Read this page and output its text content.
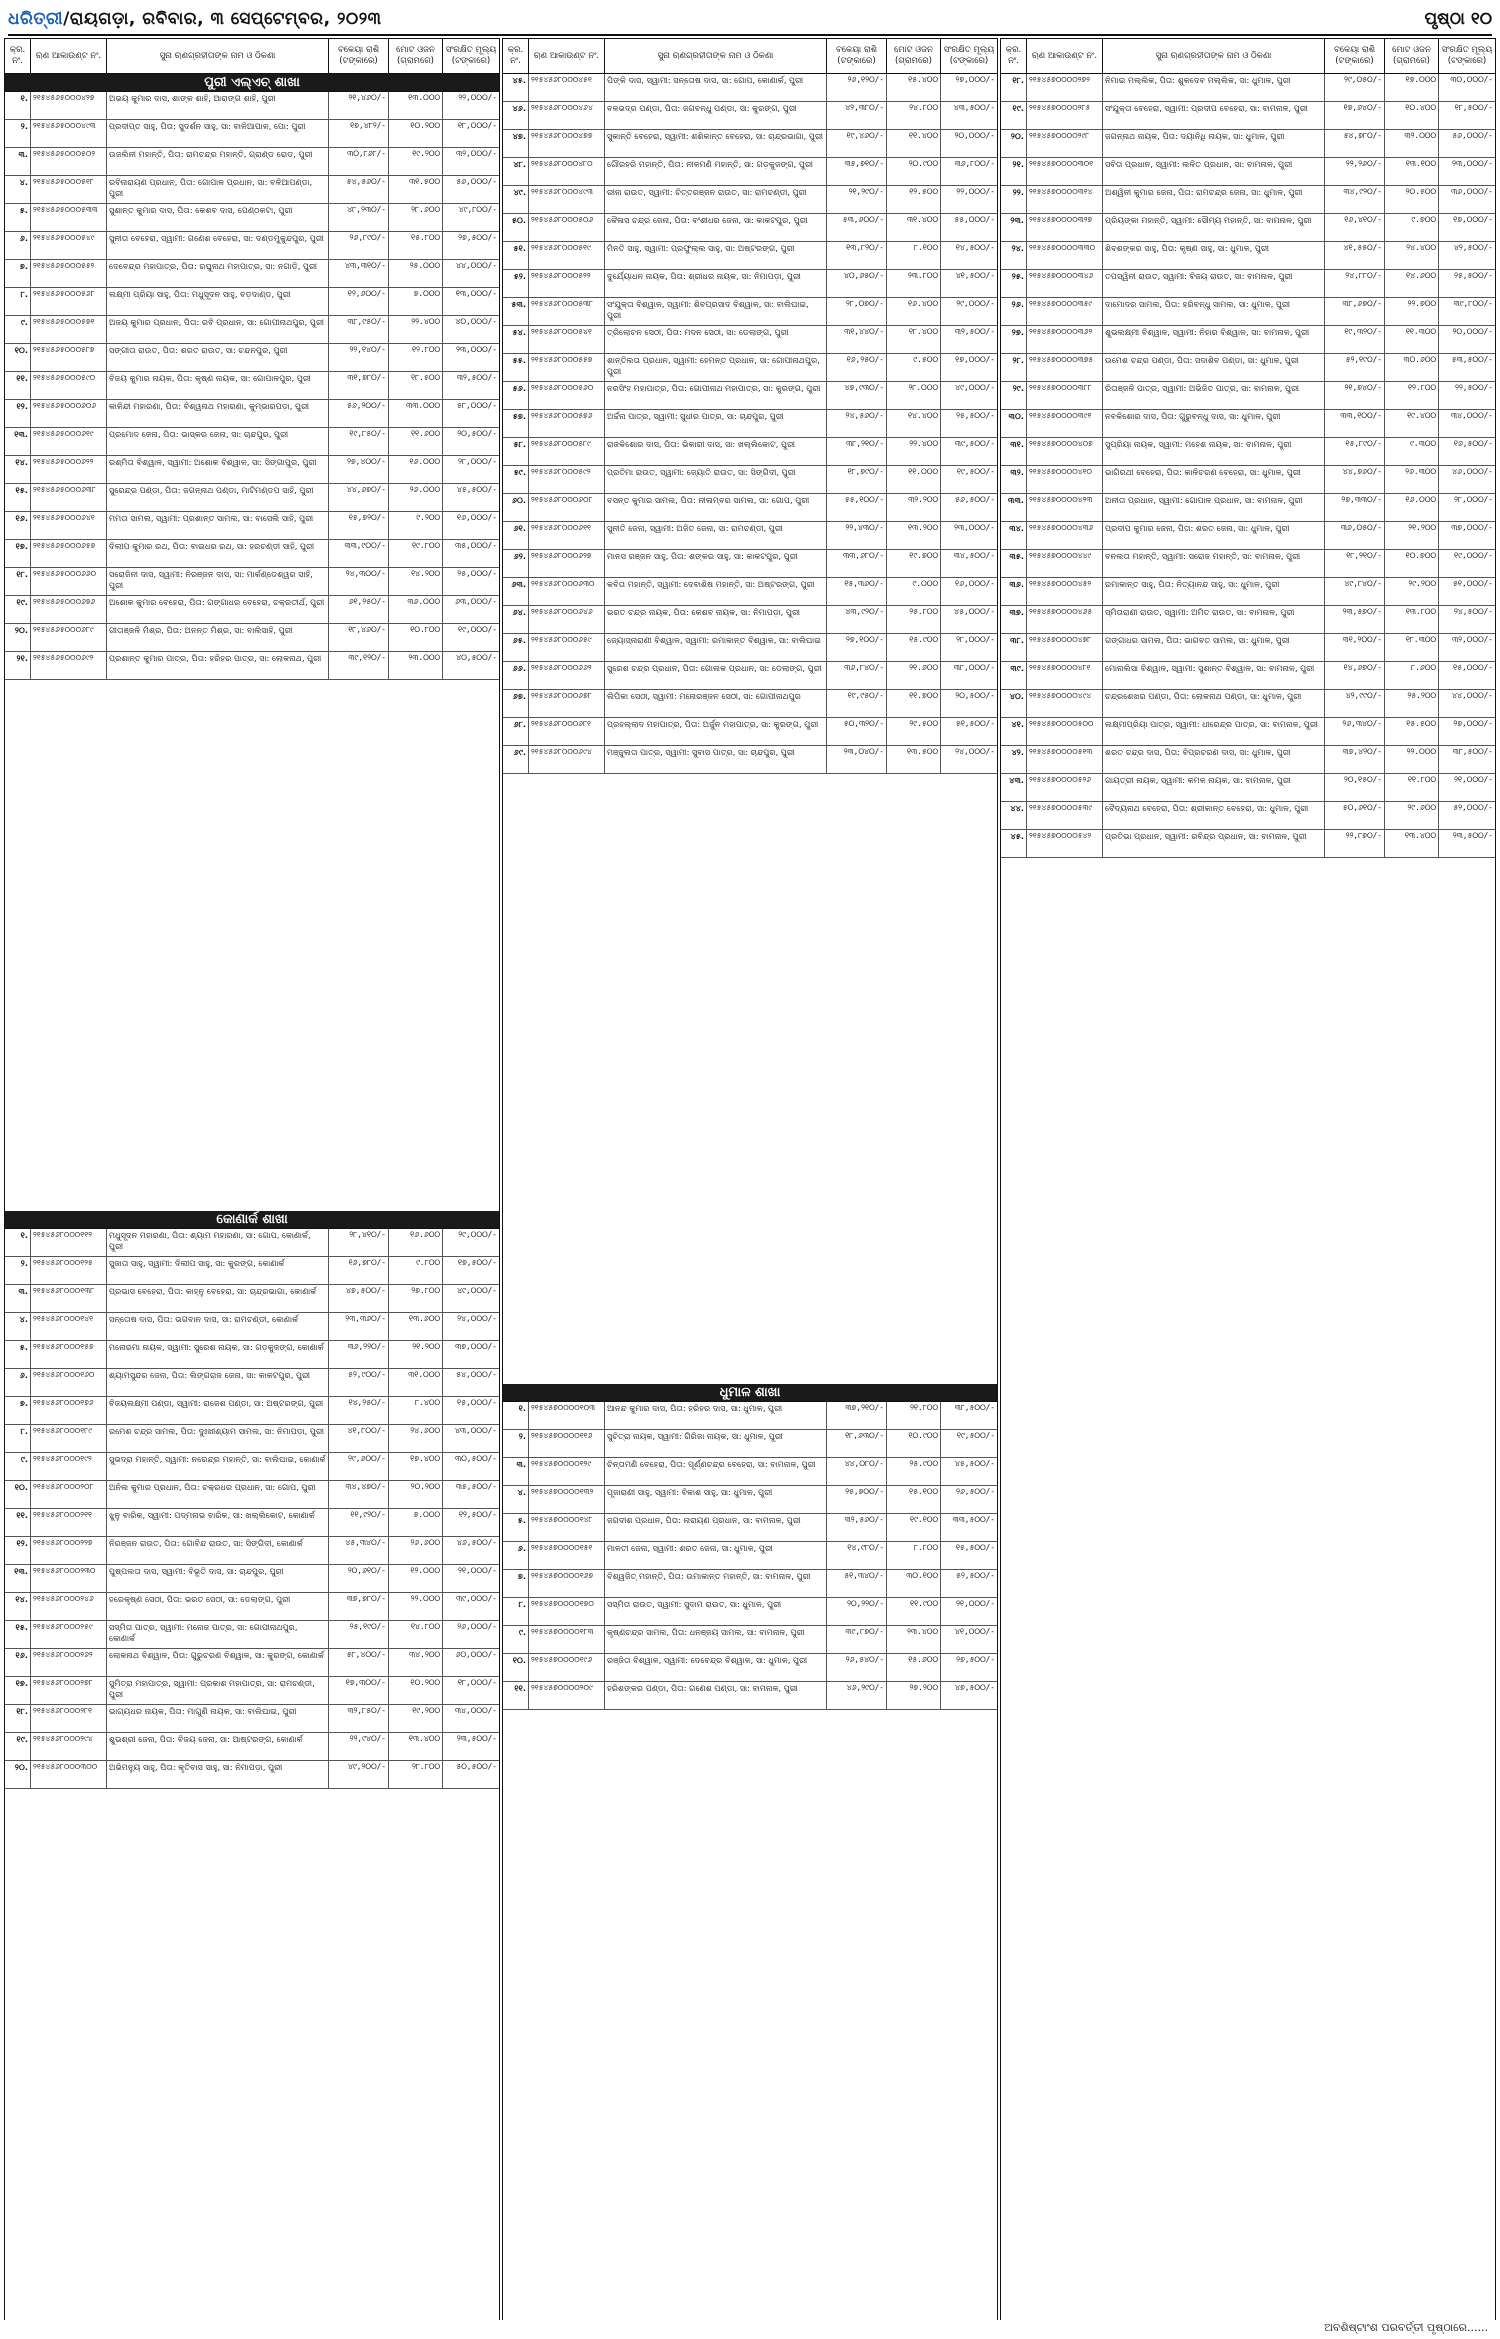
ଧରିତ୍ରୀ/ରାୟଗଡ଼ା, ରବିବାର, ୩ ସେପ୍ଟେମ୍ବର, ୨୦୨୩	ପୃଷ୍ଠା ୧୦
କ୍ର. ନଂ.
ଋଣ ଆକାଉଣ୍ଟ ନଂ.	ସୁନା ଋଣଗ୍ରହୀତାଙ୍କ ନାମ ଓ ଠିକଣା
ବକେୟା ରାଶି (ଟଙ୍କାରେ)
ମୋଟ ଓଜନ (ଗ୍ରାମରେ)
ସଂରକ୍ଷିତ ମୂଲ୍ୟ (ଟଙ୍କାରେ)
ପୁରୀ ଏଲ୍‌ଏଚ୍ ଶାଖା
୧. ୨୧୫୪୫୬୫୦୦୦୪୨୭	ଅଭୟ କୁମାର ଦାସ, ଶାଙ୍କ ଶାହି, ଆରାଙ୍ଗ ଶାହି, ପୁରୀ	୨୧,୪୬୦/-	୧୩.୦୦୦	୨୨,୦୦୦/-
୨. ୨୧୫୪୫୬୫୦୦୦୪୯୩	ପ୍ରଦୀପ୍ତ ସାହୁ, ପିତା: ସୁଦର୍ଶନ ସାହୁ, ସା: ବାଳିଆପାଳ, ପୋ: ପୁରୀ	୧୭,୪୮୨/-	୧୦.୨୦୦	୧୮,୦୦୦/-
୩. ୨୧୫୪୫୬୫୦୦୦୫୦୨	ଉଜଲିନୀ ମହାନ୍ତି, ପିତା: ରାମଚନ୍ଦ୍ର ମହାନ୍ତି, ଗ୍ରାଣ୍ଡ ରୋଡ, ପୁରୀ	୩୦,୮୬୮/-	୧୯.୨୦୦	୩୨,୦୦୦/-
୪. ୨୧୫୪୫୬୫୦୦୦୫୧୮	ରବିନାରାୟଣ ପ୍ରଧାନ, ପିତା: ଗୋପାଳ ପ୍ରଧାନ, ସା: ବଳିଆପଣ୍ଡା, ପୁରୀ
୫୪,୫୬୦/-	୩୧.୫୦୦	୫୬,୦୦୦/-
୫. ୨୧୫୪୫୬୫୦୦୦୫୩୩	ସୁଶାନ୍ତ କୁମାର ଦାସ, ପିତା: କେଶବ ଦାସ, ପେଣ୍ଠକଟା, ପୁରୀ	୪୮,୨୩୦/-	୨୮.୬୦୦	୪୯,୮୦୦/-
୬. ୨୧୫୪୫୬୫୦୦୦୫୪୯	ସୁନୀତା ବେହେରା, ସ୍ୱାମୀ: ଗଣେଶ ବେହେରା, ସା: ଦଣ୍ଡମୁକୁନ୍ଦପୁର, ପୁରୀ	୨୬,୮୯୦/-	୧୫.୮୦୦	୨୭,୫୦୦/-
୭. ୨୧୫୪୫୬୫୦୦୦୫୫୨	ଦେବେନ୍ଦ୍ର ମହାପାତ୍ର, ପିତା: ରଘୁନାଥ ମହାପାତ୍ର, ସା: ନଗାଡ଼ି, ପୁରୀ	୪୩,୩୧୦/-	୨୫.୦୦୦	୪୪,୦୦୦/-
୮. ୨୧୫୪୫୬୫୦୦୦୫୬୮	ଲକ୍ଷ୍ମୀ ପ୍ରିୟା ସାହୁ, ପିତା: ମଧୁସୂଦନ ସାହୁ, ବଡ଼ଦାଣ୍ଡ, ପୁରୀ	୧୨,୬୦୦/-	୭.୦୦୦	୧୩,୦୦୦/-
୯. ୨୧୫୪୫୬୫୦୦୦୫୭୧	ଅଜୟ କୁମାର ପ୍ରଧାନ, ପିତା: ରବି ପ୍ରଧାନ, ସା: ଗୋପୀନାଥପୁର, ପୁରୀ	୩୮,୯୫୦/-	୨୨.୪୦୦	୪୦,୦୦୦/-
୧୦. ୨୧୫୪୫୬୫୦୦୦୫୮୭	ସଙ୍ଗୀତା ରାଉତ, ପିତା: ଶରତ ରାଉତ, ସା: ଚନ୍ଦନପୁର, ପୁରୀ	୨୨,୧୪୦/-	୧୨.୮୦୦	୨୩,୦୦୦/-
୧୧. ୨୧୫୪୫୬୫୦୦୦୫୯୦	ବିଜୟ କୁମାର ନାୟକ, ପିତା: କୃଷ୍ଣ ନାୟକ, ସା: ଗୋପାଳପୁର, ପୁରୀ	୩୧,୭୮୦/-	୧୮.୫୦୦	୩୨,୫୦୦/-
୧୨. ୨୧୫୪୫୬୫୦୦୦୬୦୬	କାଳିନ୍ଦୀ ମହାରଣା, ପିତା: ବିଶ୍ୱନାଥ ମହାରଣା, କୁମ୍ଭାରପଡ଼ା, ପୁରୀ	୫୬,୨୦୦/-	୩୩.୦୦୦	୫୮,୦୦୦/-
୧୩. ୨୧୫୪୫୬୫୦୦୦୬୧୯	ପ୍ରମୋଦ ଜେନା, ପିତା: ଭାସ୍କର ଜେନା, ସା: ଚାନ୍ଦପୁର, ପୁରୀ	୧୯,୮୫୦/-	୧୧.୬୦୦	୨୦,୫୦୦/-
୧୪. ୨୧୫୪୫୬୫୦୦୦୬୨୨	ରଶ୍ମିତା ବିଶ୍ୱାଳ, ସ୍ୱାମୀ: ଅଶୋକ ବିଶ୍ୱାଳ, ସା: ସିଙ୍ଗାପୁର, ପୁରୀ	୨୭,୪୦୦/-	୧୬.୦୦୦	୨୮,୦୦୦/-
୧୫. ୨୧୫୪୫୬୫୦୦୦୬୩୮	ସୁରେନ୍ଦ୍ର ପଣ୍ଡା, ପିତା: ଜଗନ୍ନାଥ ପଣ୍ଡା, ମାଟିମଣ୍ଡପ ସାହି, ପୁରୀ	୪୪,୬୭୦/-	୨୬.୦୦୦	୪୫,୫୦୦/-
୧୬. ୨୧୫୪୫୬୫୦୦୦୬୪୧	ମମତା ସାମଲ, ସ୍ୱାମୀ: ପ୍ରଶାନ୍ତ ସାମଲ, ସା: ବାସେଲି ସାହି, ପୁରୀ	୧୫,୭୨୦/-	୯.୨୦୦	୧୬,୦୦୦/-
୧୭. ୨୧୫୪୫୬୫୦୦୦୬୫୭	ଦିଲୀପ କୁମାର ରଥ, ପିତା: ବାଇଧର ରଥ, ସା: ହରଚଣ୍ଡୀ ସାହି, ପୁରୀ	୩୩,୯୦୦/-	୧୯.୮୦୦	୩୫,୦୦୦/-
୧୮. ୨୧୫୪୫୬୫୦୦୦୬୬୦	ସରୋଜିନୀ ଦାସ, ସ୍ୱାମୀ: ନିରଞ୍ଜନ ଦାସ, ସା: ମାର୍କଣ୍ଡେଶ୍ୱର ସାହି, ପୁରୀ
୨୪,୩୦୦/-	୧୪.୨୦୦	୨୫,୦୦୦/-
୧୯. ୨୧୫୪୫୬୫୦୦୦୬୭୬	ଅଶୋକ କୁମାର ବେହେରା, ପିତା: ଗଙ୍ଗାଧର ବେହେରା, ଚକ୍ରତୀର୍ଥ, ପୁରୀ	୬୧,୨୫୦/-	୩୬.୦୦୦	୬୩,୦୦୦/-
୨୦. ୨୧୫୪୫୬୫୦୦୦୬୮୯	ଗୀତାଞ୍ଜଳି ମିଶ୍ର, ପିତା: ଅନନ୍ତ ମିଶ୍ର, ସା: ବାଲିସାହି, ପୁରୀ	୧୮,୪୬୦/-	୧୦.୮୦୦	୧୯,୦୦୦/-
୨୧. ୨୧୫୪୫୬୫୦୦୦୬୯୨	ପ୍ରଶାନ୍ତ କୁମାର ପାତ୍ର, ପିତା: ହରିହର ପାତ୍ର, ସା: ଲୋକନାଥ, ପୁରୀ	୩୯,୧୨୦/-	୨୩.୦୦୦	୪୦,୫୦୦/-
କୋଣାର୍କ ଶାଖା
୧. ୨୧୫୪୫୬୮୦୦୦୧୧୨	ମଧୁସୂଦନ ମହାରଣା, ପିତା: ଶ୍ୟାମ ମହାରଣା, ସା: ଗୋପ, କୋଣାର୍କ, ପୁରୀ
୨୮,୪୧୦/-	୧୬.୬୦୦	୨୯,୦୦୦/-
୨. ୨୧୫୪୫୬୮୦୦୦୧୨୫	ସୁଜାତା ସାହୁ, ସ୍ୱାମୀ: ଦିଲୀପ ସାହୁ, ସା: କୁରଙ୍ଗ, କୋଣାର୍କ	୧୬,୭୮୦/-	୯.୮୦୦	୧୭,୫୦୦/-
୩. ୨୧୫୪୫୬୮୦୦୦୧୩୮	ପ୍ରଭାସ ବେହେରା, ପିତା: କାହ୍ନୁ ବେହେରା, ସା: ଚାନ୍ଦ୍ରଭାଗା, କୋଣାର୍କ	୪୭,୫୦୦/-	୨୭.୮୦୦	୪୯,୦୦୦/-
୪. ୨୧୫୪୫୬୮୦୦୦୧୪୧	ସନ୍ତୋଷ ଦାସ, ପିତା: ଭଗବାନ ଦାସ, ସା: ରାମଚଣ୍ଡୀ, କୋଣାର୍କ	୨୩,୩୬୦/-	୧୩.୬୦୦	୨୪,୦୦୦/-
୫. ୨୧୫୪୫୬୮୦୦୦୧୫୭	ମନୋରମା ନାୟକ, ସ୍ୱାମୀ: ସୁରେଶ ନାୟକ, ସା: ଗଡ଼କୁଜଙ୍ଗ, କୋଣାର୍କ	୩୬,୨୨୦/-	୨୧.୨୦୦	୩୭,୦୦୦/-
୬. ୨୧୫୪୫୬୮୦୦୦୧୬୦	ଶ୍ୟାମସୁନ୍ଦର ଜେନା, ପିତା: ଲିଙ୍ଗରାଜ ଜେନା, ସା: କାକଟପୁର, ପୁରୀ	୫୨,୯୦୦/-	୩୧.୦୦୦	୫୪,୦୦୦/-
୭. ୨୧୫୪୫୬୮୦୦୦୧୭୬	ବିଜୟଲକ୍ଷ୍ମୀ ପଣ୍ଡା, ସ୍ୱାମୀ: ରାଜେଶ ପଣ୍ଡା, ସା: ଅଷ୍ଟରଙ୍ଗ, ପୁରୀ	୧୪,୨୫୦/-	୮.୪୦୦	୧୫,୦୦୦/-
୮. ୨୧୫୪୫୬୮୦୦୦୧୮୯	ରମେଶ ଚନ୍ଦ୍ର ସାମଲ, ପିତା: ଦୁଃଖୀଶ୍ୟାମ ସାମଲ, ସା: ନିମାପଡ଼ା, ପୁରୀ	୪୧,୮୦୦/-	୨୪.୬୦୦	୪୩,୦୦୦/-
୯. ୨୧୫୪୫୬୮୦୦୦୧୯୨	ସୁଭଦ୍ରା ମହାନ୍ତି, ସ୍ୱାମୀ: ନରେନ୍ଦ୍ର ମହାନ୍ତି, ସା: ବାଲିଘାଇ, କୋଣାର୍କ	୨୯,୬୦୦/-	୧୭.୪୦୦	୩୦,୫୦୦/-
୧୦. ୨୧୫୪୫୬୮୦୦୦୨୦୮	ଅନିଲ କୁମାର ପ୍ରଧାନ, ପିତା: ଚକ୍ରଧର ପ୍ରଧାନ, ସା: ଗୋପ, ପୁରୀ	୩୪,୪୭୦/-	୨୦.୨୦୦	୩୫,୫୦୦/-
୧୧. ୨୧୫୪୫୬୮୦୦୦୨୧୧	ଝୁନୁ ବାରିକ, ସ୍ୱାମୀ: ପଦ୍ମନାଭ ବାରିକ, ସା: ଖଲ୍ଲିକୋଟ, କୋଣାର୍କ	୧୧,୯୨୦/-	୭.୦୦୦	୧୨,୫୦୦/-
୧୨. ୨୧୫୪୫୬୮୦୦୦୨୨୭	ନିରଞ୍ଜନ ରାଉତ, ପିତା: ଗୋବିନ୍ଦ ରାଉତ, ସା: ସିଙ୍ଗିଦୀ, କୋଣାର୍କ	୪୫,୩୪୦/-	୨୬.୬୦୦	୪୬,୫୦୦/-
୧୩. ୨୧୫୪୫୬୮୦୦୦୨୩୦	ପୁଷ୍ପଲତା ଦାସ, ସ୍ୱାମୀ: ବିଭୂତି ଦାସ, ସା: ଚାନ୍ଦପୁର, ପୁରୀ	୨୦,୬୧୦/-	୧୨.୦୦୦	୨୧,୦୦୦/-
୧୪. ୨୧୫୪୫୬୮୦୦୦୨୪୬	ହରେକୃଷ୍ଣ ସେଠୀ, ପିତା: ଭରତ ସେଠୀ, ସା: ଡେଲାଙ୍ଗ, ପୁରୀ	୩୭,୭୮୦/-	୨୨.୦୦୦	୩୯,୦୦୦/-
୧୫. ୨୧୫୪୫୬୮୦୦୦୨୫୯	ସସ୍ମିତା ପାତ୍ର, ସ୍ୱାମୀ: ମନୋଜ ପାତ୍ର, ସା: ଗୋପୀନାଥପୁର, କୋଣାର୍କ
୨୫,୧୯୦/-	୧୪.୮୦୦	୨୬,୦୦୦/-
୧୬. ୨୧୫୪୫୬୮୦୦୦୨୬୨	ଲୋକନାଥ ବିଶ୍ୱାଳ, ପିତା: ଗୁରୁଚରଣ ବିଶ୍ୱାଳ, ସା: କୁରଙ୍ଗ, କୋଣାର୍କ	୫୮,୪୦୦/-	୩୪.୨୦୦	୬୦,୦୦୦/-
୧୭. ୨୧୫୪୫୬୮୦୦୦୨୭୮	ସୁମିତ୍ରା ମହାପାତ୍ର, ସ୍ୱାମୀ: ପ୍ରକାଶ ମହାପାତ୍ର, ସା: ରାମଚଣ୍ଡୀ, ପୁରୀ
୧୭,୩୦୦/-	୧୦.୨୦୦	୧୮,୦୦୦/-
୧୮. ୨୧୫୪୫୬୮୦୦୦୨୮୧	ଭାଗ୍ୟଧର ନାୟକ, ପିତା: ମାଗୁଣି ନାୟକ, ସା: ବାଲିଘାଇ, ପୁରୀ	୩୨,୮୫୦/-	୧୯.୨୦୦	୩୪,୦୦୦/-
୧୯. ୨୧୫୪୫୬୮୦୦୦୨୯୪	ଶୁଭଶ୍ରୀ ଜେନା, ପିତା: ବିଜୟ ଜେନା, ସା: ଆଷ୍ଟରଙ୍ଗ, କୋଣାର୍କ	୨୨,୯୪୦/-	୧୩.୪୦୦	୨୩,୫୦୦/-
୨୦. ୨୧୫୪୫୬୮୦୦୦୩୦୦	ଅଭିମନ୍ୟୁ ସାହୁ, ପିତା: କୃତିବାସ ସାହୁ, ସା: ନିମାପଡ଼ା, ପୁରୀ	୪୯,୨୦୦/-	୨୮.୮୦୦	୫୦,୫୦୦/-
କ୍ର. ନଂ.
ଋଣ ଆକାଉଣ୍ଟ ନଂ.	ସୁନା ଋଣଗ୍ରହୀତାଙ୍କ ନାମ ଓ ଠିକଣା
ବକେୟା ରାଶି (ଟଙ୍କାରେ)
ମୋଟ ଓଜନ (ଗ୍ରାମରେ)
ସଂରକ୍ଷିତ ମୂଲ୍ୟ (ଟଙ୍କାରେ)
୪୫. ୨୧୫୪୫୬୮୦୦୦୪୫୧	ପିଙ୍କି ଦାସ, ସ୍ୱାମୀ: ସନ୍ତୋଷ ଦାସ, ସା: ଗୋପ, କୋଣାର୍କ, ପୁରୀ	୨୬,୧୨୦/-	୧୫.୪୦୦	୨୭,୦୦୦/-
୪୬. ୨୧୫୪୫୬୮୦୦୦୪୬୪	ବଳଭଦ୍ର ପଣ୍ଡା, ପିତା: ଜଗବନ୍ଧୁ ପଣ୍ଡା, ସା: କୁରଙ୍ଗ, ପୁରୀ	୪୨,୩୮୦/-	୨୪.୮୦୦	୪୩,୫୦୦/-
୪୭. ୨୧୫୪୫୬୮୦୦୦୪୭୭	ସୁକାନ୍ତି ବେହେରା, ସ୍ୱାମୀ: ଶଶିକାନ୍ତ ବେହେରା, ସା: ଚାନ୍ଦ୍ରଭାଗା, ପୁରୀ	୧୯,୪୬୦/-	୧୧.୪୦୦	୨୦,୦୦୦/-
୪୮. ୨୧୫୪୫୬୮୦୦୦୪୮୦	ଗୌରହରି ମହାନ୍ତି, ପିତା: ନୀଳମଣି ମହାନ୍ତି, ସା: ଗଡ଼କୁଜଙ୍ଗ, ପୁରୀ	୩୫,୭୧୦/-	୨୦.୯୦୦	୩୬,୮୦୦/-
୪୯. ୨୧୫୪୫୬୮୦୦୦୪୯୩	ରୀନା ରାଉତ, ସ୍ୱାମୀ: ଚିତ୍ତରଞ୍ଜନ ରାଉତ, ସା: ରାମଚଣ୍ଡୀ, ପୁରୀ	୨୧,୨୯୦/-	୧୨.୫୦୦	୨୨,୦୦୦/-
୫୦. ୨୧୫୪୫୬୮୦୦୦୫୦୬	କୈଳାସ ଚନ୍ଦ୍ର ଜେନା, ପିତା: ବଂଶୀଧର ଜେନା, ସା: କାକଟପୁର, ପୁରୀ	୫୩,୬୦୦/-	୩୧.୪୦୦	୫୫,୦୦୦/-
୫୧. ୨୧୫୪୫୬୮୦୦୦୫୧୯	ମିନତି ସାହୁ, ସ୍ୱାମୀ: ପ୍ରଫୁଲ୍ଲ ସାହୁ, ସା: ଅଷ୍ଟରଙ୍ଗ, ପୁରୀ	୧୩,୮୨୦/-	୮.୧୦୦	୧୪,୫୦୦/-
୫୨. ୨୧୫୪୫୬୮୦୦୦୫୨୨	ଦୁର୍ଯ୍ୟୋଧନ ନାୟକ, ପିତା: ଶ୍ରୀଧର ନାୟକ, ସା: ନିମାପଡ଼ା, ପୁରୀ	୪୦,୬୫୦/-	୨୩.୮୦୦	୪୧,୫୦୦/-
୫୩. ୨୧୫୪୫୬୮୦୦୦୫୩୮	ସଂଯୁକ୍ତା ବିଶ୍ୱାଳ, ସ୍ୱାମୀ: ଶିବପ୍ରସାଦ ବିଶ୍ୱାଳ, ସା: ବାଲିଘାଇ, ପୁରୀ
୨୮,୦୭୦/-	୧୬.୪୦୦	୨୯,୦୦୦/-
୫୪. ୨୧୫୪୫୬୮୦୦୦୫୪୧	ତ୍ରିଲୋଚନ ସେଠୀ, ପିତା: ମଦନ ସେଠୀ, ସା: ଡେଲାଙ୍ଗ, ପୁରୀ	୩୧,୪୪୦/-	୧୮.୪୦୦	୩୨,୫୦୦/-
୫୫. ୨୧୫୪୫୬୮୦୦୦୫୫୭	ଶାନ୍ତିଲତା ପ୍ରଧାନ, ସ୍ୱାମୀ: ହେମନ୍ତ ପ୍ରଧାନ, ସା: ଗୋପୀନାଥପୁର, ପୁରୀ
୧୬,୨୫୦/-	୯.୫୦୦	୧୭,୦୦୦/-
୫୬. ୨୧୫୪୫୬୮୦୦୦୫୬୦	ନରସିଂହ ମହାପାତ୍ର, ପିତା: ଗୋପୀନାଥ ମହାପାତ୍ର, ସା: କୁରଙ୍ଗ, ପୁରୀ	୪୭,୯୩୦/-	୨୮.୦୦୦	୪୯,୦୦୦/-
୫୭. ୨୧୫୪୫୬୮୦୦୦୫୭୬	ଅର୍ଚ୍ଚନା ପାତ୍ର, ସ୍ୱାମୀ: ସୁଧୀର ପାତ୍ର, ସା: ଚାନ୍ଦପୁର, ପୁରୀ	୨୪,୫୬୦/-	୧୪.୪୦୦	୨୫,୫୦୦/-
୫୮. ୨୧୫୪୫୬୮୦୦୦୫୮୯	ରାଜକିଶୋର ଦାସ, ପିତା: ଭିକାରୀ ଦାସ, ସା: ଖଲ୍ଲିକୋଟ, ପୁରୀ	୩୮,୨୧୦/-	୨୨.୪୦୦	୩୯,୫୦୦/-
୫୯. ୨୧୫୪୫୬୮୦୦୦୫୯୨	ପ୍ରତିମା ରାଉତ, ସ୍ୱାମୀ: ଜ୍ୟୋତି ରାଉତ, ସା: ସିଙ୍ଗିଦୀ, ପୁରୀ	୧୮,୭୯୦/-	୧୧.୦୦୦	୧୯,୫୦୦/-
୬୦. ୨୧୫୪୫୬୮୦୦୦୬୦୮	ବସନ୍ତ କୁମାର ସାମଲ, ପିତା: ନୀଳାମ୍ବର ସାମଲ, ସା: ଗୋପ, ପୁରୀ	୫୫,୧୦୦/-	୩୨.୨୦୦	୫୬,୫୦୦/-
୬୧. ୨୧୫୪୫୬୮୦୦୦୬୧୧	ସୁନୀତି ଜେନା, ସ୍ୱାମୀ: ଅଜିତ ଜେନା, ସା: ରାମଚଣ୍ଡୀ, ପୁରୀ	୨୨,୪୩୦/-	୧୩.୨୦୦	୨୩,୦୦୦/-
୬୨. ୨୧୫୪୫୬୮୦୦୦୬୨୭	ମାନସ ରଞ୍ଜନ ସାହୁ, ପିତା: ଶଙ୍କର ସାହୁ, ସା: କାକଟପୁର, ପୁରୀ	୩୩,୬୮୦/-	୧୯.୭୦୦	୩୪,୫୦୦/-
୬୩. ୨୧୫୪୫୬୮୦୦୦୬୩୦	କବିତା ମହାନ୍ତି, ସ୍ୱାମୀ: ଦେବାଶିଷ ମହାନ୍ତି, ସା: ଅଷ୍ଟରଙ୍ଗ, ପୁରୀ	୧୫,୩୬୦/-	୯.୦୦୦	୧୬,୦୦୦/-
୬୪. ୨୧୫୪୫୬୮୦୦୦୬୪୬	ଭରତ ଚନ୍ଦ୍ର ନାୟକ, ପିତା: କେଶବ ନାୟକ, ସା: ନିମାପଡ଼ା, ପୁରୀ	୪୩,୯୨୦/-	୨୫.୮୦୦	୪୫,୦୦୦/-
୬୫. ୨୧୫୪୫୬୮୦୦୦୬୫୯	ଜ୍ୟୋସ୍ନାରାଣୀ ବିଶ୍ୱାଳ, ସ୍ୱାମୀ: ରମାକାନ୍ତ ବିଶ୍ୱାଳ, ସା: ବାଲିଘାଇ	୨୭,୧୦୦/-	୧୫.୯୦୦	୨୮,୦୦୦/-
୬୬. ୨୧୫୪୫୬୮୦୦୦୬୬୨	ସୁରେଶ ଚନ୍ଦ୍ର ପ୍ରଧାନ, ପିତା: ଗୋଲକ ପ୍ରଧାନ, ସା: ଡେଲାଙ୍ଗ, ପୁରୀ	୩୬,୮୪୦/-	୨୧.୬୦୦	୩୮,୦୦୦/-
୬୭. ୨୧୫୪୫୬୮୦୦୦୬୭୮	ଲିପିକା ସେଠୀ, ସ୍ୱାମୀ: ମନୋରଞ୍ଜନ ସେଠୀ, ସା: ଗୋପୀନାଥପୁର	୧୯,୯୫୦/-	୧୧.୭୦୦	୨୦,୫୦୦/-
୬୮. ୨୧୫୪୫୬୮୦୦୦୬୮୧	ପ୍ରହଲ୍ଲାଦ ମହାପାତ୍ର, ପିତା: ଅର୍ଜୁନ ମହାପାତ୍ର, ସା: କୁରଙ୍ଗ, ପୁରୀ	୫୦,୩୨୦/-	୨୯.୫୦୦	୫୧,୫୦୦/-
୬୯. ୨୧୫୪୫୬୮୦୦୦୬୯୪	ମଞ୍ଜୁଲତା ପାତ୍ର, ସ୍ୱାମୀ: ସୁବାସ ପାତ୍ର, ସା: ଚାନ୍ଦପୁର, ପୁରୀ	୨୩,୦୪୦/-	୧୩.୫୦୦	୨୪,୦୦୦/-
ଧୁମାଳ ଶାଖା
୧. ୨୧୫୪୫୭୦୦୦୦୧୦୩	ଆନନ୍ଦ କୁମାର ଦାସ, ପିତା: ହରିହର ଦାସ, ସା: ଧୁମାଳ, ପୁରୀ	୩୭,୨୧୦/-	୨୧.୮୦୦	୩୮,୫୦୦/-
୨. ୨୧୫୪୫୭୦୦୦୦୧୧୬	ସୁଚିତ୍ରା ନାୟକ, ସ୍ୱାମୀ: ଗିରିଜା ନାୟକ, ସା: ଧୁମାଳ, ପୁରୀ	୧୮,୬୩୦/-	୧୦.୯୦୦	୧୯,୫୦୦/-
୩. ୨୧୫୪୫୭୦୦୦୦୧୨୯	ଚିନ୍ତାମଣି ବେହେରା, ପିତା: ପୂର୍ଣ୍ଣଚନ୍ଦ୍ର ବେହେରା, ସା: ବାମନାଳ, ପୁରୀ	୪୪,୦୮୦/-	୨୫.୯୦୦	୪୫,୫୦୦/-
୪. ୨୧୫୪୫୭୦୦୦୦୧୩୨	ପୂଜାରାଣୀ ସାହୁ, ସ୍ୱାମୀ: ବିକାଶ ସାହୁ, ସା: ଧୁମାଳ, ପୁରୀ	୨୫,୭୦୦/-	୧୫.୧୦୦	୨୬,୫୦୦/-
୫. ୨୧୫୪୫୭୦୦୦୦୧୪୮	ଜଗଦୀଶ ପ୍ରଧାନ, ପିତା: ନାରାୟଣ ପ୍ରଧାନ, ସା: ବାମନାଳ, ପୁରୀ	୩୨,୫୬୦/-	୧୯.୧୦୦	୩୩,୫୦୦/-
୬. ୨୧୫୪୫୭୦୦୦୦୧୫୧	ମାଳତୀ ଜେନା, ସ୍ୱାମୀ: ଶରତ ଜେନା, ସା: ଧୁମାଳ, ପୁରୀ	୧୪,୯୮୦/-	୮.୮୦୦	୧୫,୫୦୦/-
୭. ୨୧୫୪୫୭୦୦୦୦୧୬୭	ବିଶ୍ୱଜିତ୍ ମହାନ୍ତି, ପିତା: ଉମାକାନ୍ତ ମହାନ୍ତି, ସା: ବାମନାଳ, ପୁରୀ	୫୧,୩୪୦/-	୩୦.୧୦୦	୫୨,୫୦୦/-
୮. ୨୧୫୪୫୭୦୦୦୦୧୭୦	ସସ୍ମିତା ରାଉତ, ସ୍ୱାମୀ: ସୁଦାମ ରାଉତ, ସା: ଧୁମାଳ, ପୁରୀ	୨୦,୨୨୦/-	୧୧.୯୦୦	୨୧,୦୦୦/-
୯. ୨୧୫୪୫୭୦୦୦୦୧୮୩	କୃଷ୍ଣଚନ୍ଦ୍ର ସାମଲ, ପିତା: ଧନଞ୍ଜୟ ସାମଲ, ସା: ବାମନାଳ, ପୁରୀ	୩୯,୮୭୦/-	୨୩.୪୦୦	୪୧,୦୦୦/-
୧୦. ୨୧୫୪୫୭୦୦୦୦୧୯୬	ରଞ୍ଜିତା ବିଶ୍ୱାଳ, ସ୍ୱାମୀ: ଦେବେନ୍ଦ୍ର ବିଶ୍ୱାଳ, ସା: ଧୁମାଳ, ପୁରୀ	୨୬,୫୪୦/-	୧୫.୬୦୦	୨୭,୫୦୦/-
୧୧. ୨୧୫୪୫୭୦୦୦୦୨୦୯	ହରିଶଙ୍କର ପଣ୍ଡା, ପିତା: ଗଣେଶ ପଣ୍ଡା, ସା: ବାମନାଳ, ପୁରୀ	୪୬,୨୯୦/-	୨୭.୨୦୦	୪୭,୫୦୦/-
କ୍ର. ନଂ.
ଋଣ ଆକାଉଣ୍ଟ ନଂ.	ସୁନା ଋଣଗ୍ରହୀତାଙ୍କ ନାମ ଓ ଠିକଣା
ବକେୟା ରାଶି (ଟଙ୍କାରେ)
ମୋଟ ଓଜନ (ଗ୍ରାମରେ)
ସଂରକ୍ଷିତ ମୂଲ୍ୟ (ଟଙ୍କାରେ)
୧୮. ୨୧୫୪୫୭୦୦୦୦୨୭୨	ନିମାଇ ମଲ୍ଲିକ, ପିତା: ଶୁକଦେବ ମଲ୍ଲିକ, ସା: ଧୁମାଳ, ପୁରୀ	୨୯,୦୫୦/-	୧୭.୦୦୦	୩୦,୦୦୦/-
୧୯. ୨୧୫୪୫୭୦୦୦୦୨୮୫	ସଂଯୁକ୍ତା ବେହେରା, ସ୍ୱାମୀ: ପ୍ରଦୀପ ବେହେରା, ସା: ବାମନାଳ, ପୁରୀ	୧୭,୬୪୦/-	୧୦.୪୦୦	୧୮,୫୦୦/-
୨୦. ୨୧୫୪୫୭୦୦୦୦୨୯୮	ଜଗନ୍ନାଥ ନାୟକ, ପିତା: ଦୟାନିଧି ନାୟକ, ସା: ଧୁମାଳ, ପୁରୀ	୫୪,୭୮୦/-	୩୨.୦୦୦	୫୬,୦୦୦/-
୨୧. ୨୧୫୪୫୭୦୦୦୦୩୦୧	ସବିତା ପ୍ରଧାନ, ସ୍ୱାମୀ: ଲଳିତ ପ୍ରଧାନ, ସା: ବାମନାଳ, ପୁରୀ	୨୨,୨୬୦/-	୧୩.୧୦୦	୨୩,୦୦୦/-
୨୨. ୨୧୫୪୫୭୦୦୦୦୩୧୪	ଅଶ୍ୱିନୀ କୁମାର ଜେନା, ପିତା: ରାମଚନ୍ଦ୍ର ଜେନା, ସା: ଧୁମାଳ, ପୁରୀ	୩୪,୯୨୦/-	୨୦.୫୦୦	୩୬,୦୦୦/-
୨୩. ୨୧୫୪୫୭୦୦୦୦୩୨୭	ପ୍ରିୟଙ୍କା ମହାନ୍ତି, ସ୍ୱାମୀ: ସୌମ୍ୟ ମହାନ୍ତି, ସା: ବାମନାଳ, ପୁରୀ	୧୬,୪୧୦/-	୯.୭୦୦	୧୭,୦୦୦/-
୨୪. ୨୧୫୪୫୭୦୦୦୦୩୩୦	ଶିବଶଙ୍କର ସାହୁ, ପିତା: କୃଷ୍ଣ ସାହୁ, ସା: ଧୁମାଳ, ପୁରୀ	୪୧,୫୫୦/-	୨୪.୪୦୦	୪୨,୫୦୦/-
୨୫. ୨୧୫୪୫୭୦୦୦୦୩୪୬	ତପସ୍ୱିନୀ ରାଉତ, ସ୍ୱାମୀ: ବିଜୟ ରାଉତ, ସା: ବାମନାଳ, ପୁରୀ	୨୪,୮୮୦/-	୧୪.୬୦୦	୨୫,୫୦୦/-
୨୬. ୨୧୫୪୫୭୦୦୦୦୩୫୯	ଦାମୋଦର ସାମଲ, ପିତା: ହରିବନ୍ଧୁ ସାମଲ, ସା: ଧୁମାଳ, ପୁରୀ	୩୮,୬୭୦/-	୨୨.୭୦୦	୩୯,୮୦୦/-
୨୭. ୨୧୫୪୫୭୦୦୦୦୩୬୨	ଶୁଭଲକ୍ଷ୍ମୀ ବିଶ୍ୱାଳ, ସ୍ୱାମୀ: ନିହାର ବିଶ୍ୱାଳ, ସା: ବାମନାଳ, ପୁରୀ	୧୯,୩୨୦/-	୧୧.୩୦୦	୨୦,୦୦୦/-
୨୮. ୨୧୫୪୫୭୦୦୦୦୩୭୫	ଉମେଶ ଚନ୍ଦ୍ର ପଣ୍ଡା, ପିତା: ସଦାଶିବ ପଣ୍ଡା, ସା: ଧୁମାଳ, ପୁରୀ	୫୨,୧୯୦/-	୩୦.୬୦୦	୫୩,୫୦୦/-
୨୯. ୨୧୫୪୫୭୦୦୦୦୩୮୮	ରିତାଞ୍ଜଳି ପାତ୍ର, ସ୍ୱାମୀ: ଅଭିଜିତ ପାତ୍ର, ସା: ବାମନାଳ, ପୁରୀ	୨୧,୭୪୦/-	୧୨.୮୦୦	୨୨,୫୦୦/-
୩୦. ୨୧୫୪୫୭୦୦୦୦୩୯୧	ନବକିଶୋର ଦାସ, ପିତା: ଗୁରୁବନ୍ଧୁ ଦାସ, ସା: ଧୁମାଳ, ପୁରୀ	୩୩,୧୦୦/-	୧୯.୪୦୦	୩୪,୦୦୦/-
୩୧. ୨୧୫୪୫୭୦୦୦୦୪୦୭	ସୁପ୍ରିୟା ନାୟକ, ସ୍ୱାମୀ: ମହେଶ ନାୟକ, ସା: ବାମନାଳ, ପୁରୀ	୧୫,୮୯୦/-	୯.୩୦୦	୧୬,୫୦୦/-
୩୨. ୨୧୫୪୫୭୦୦୦୦୪୧୦	ଭାଗିରଥୀ ବେହେରା, ପିତା: କାଳିଚରଣ ବେହେରା, ସା: ଧୁମାଳ, ପୁରୀ	୪୪,୭୬୦/-	୨୬.୩୦୦	୪୬,୦୦୦/-
୩୩. ୨୧୫୪୫୭୦୦୦୦୪୨୩	ଅନୀତା ପ୍ରଧାନ, ସ୍ୱାମୀ: ଗୋପାଳ ପ୍ରଧାନ, ସା: ବାମନାଳ, ପୁରୀ	୨୭,୩୩୦/-	୧୬.୦୦୦	୨୮,୦୦୦/-
୩୪. ୨୧୫୪୫୭୦୦୦୦୪୩୬	ପ୍ରଦୀପ କୁମାର ଜେନା, ପିତା: ଶରତ ଜେନା, ସା: ଧୁମାଳ, ପୁରୀ	୩୬,୦୫୦/-	୨୧.୨୦୦	୩୭,୦୦୦/-
୩୫. ୨୧୫୪୫୭୦୦୦୦୪୪୯	ବନଲତା ମହାନ୍ତି, ସ୍ୱାମୀ: ସରୋଜ ମହାନ୍ତି, ସା: ବାମନାଳ, ପୁରୀ	୧୮,୨୧୦/-	୧୦.୭୦୦	୧୯,୦୦୦/-
୩୬. ୨୧୫୪୫୭୦୦୦୦୪୫୨	ରମାକାନ୍ତ ସାହୁ, ପିତା: ନିତ୍ୟାନନ୍ଦ ସାହୁ, ସା: ଧୁମାଳ, ପୁରୀ	୪୯,୮୪୦/-	୨୯.୨୦୦	୫୧,୦୦୦/-
୩୭. ୨୧୫୪୫୭୦୦୦୦୪୬୫	ସ୍ମିତାରାଣୀ ରାଉତ, ସ୍ୱାମୀ: ଅମିତ ରାଉତ, ସା: ବାମନାଳ, ପୁରୀ	୨୩,୫୭୦/-	୧୩.୮୦୦	୨୪,୫୦୦/-
୩୮. ୨୧୫୪୫୭୦୦୦୦୪୭୮	ଗଙ୍ଗାଧର ସାମଲ, ପିତା: ଭାଗବତ ସାମଲ, ସା: ଧୁମାଳ, ପୁରୀ	୩୧,୨୦୦/-	୧୮.୩୦୦	୩୨,୦୦୦/-
୩୯. ୨୧୫୪୫୭୦୦୦୦୪୮୧	ମୋନାଲିସା ବିଶ୍ୱାଳ, ସ୍ୱାମୀ: ସୁଶାନ୍ତ ବିଶ୍ୱାଳ, ସା: ବାମନାଳ, ପୁରୀ	୧୪,୬୭୦/-	୮.୬୦୦	୧୫,୦୦୦/-
୪୦. ୨୧୫୪୫୭୦୦୦୦୪୯୪	ଚନ୍ଦ୍ରଶେଖର ପଣ୍ଡା, ପିତା: ଲୋକନାଥ ପଣ୍ଡା, ସା: ଧୁମାଳ, ପୁରୀ	୪୨,୯୯୦/-	୨୫.୨୦୦	୪୪,୦୦୦/-
୪୧. ୨୧୫୪୫୭୦୦୦୦୫୦୦	ଲକ୍ଷ୍ମୀପ୍ରିୟା ପାତ୍ର, ସ୍ୱାମୀ: ଧୀରେନ୍ଦ୍ର ପାତ୍ର, ସା: ବାମନାଳ, ପୁରୀ	୨୬,୩୪୦/-	୧୫.୫୦୦	୨୭,୦୦୦/-
୪୨. ୨୧୫୪୫୭୦୦୦୦୫୧୩	ଶରତ ଚନ୍ଦ୍ର ଦାସ, ପିତା: ବିପ୍ରଚରଣ ଦାସ, ସା: ଧୁମାଳ, ପୁରୀ	୩୭,୪୨୦/-	୨୨.୦୦୦	୩୮,୫୦୦/-
୪୩. ୨୧୫୪୫୭୦୦୦୦୫୨୬	ଗାୟତ୍ରୀ ନାୟକ, ସ୍ୱାମୀ: କମଳ ନାୟକ, ସା: ବାମନାଳ, ପୁରୀ	୨୦,୧୫୦/-	୧୧.୮୦୦	୨୧,୦୦୦/-
୪୪. ୨୧୫୪୫୭୦୦୦୦୫୩୯	ବୈଦ୍ୟନାଥ ବେହେରା, ପିତା: ଶ୍ରୀକାନ୍ତ ବେହେରା, ସା: ଧୁମାଳ, ପୁରୀ	୫୦,୬୧୦/-	୨୯.୬୦୦	୫୨,୦୦୦/-
୪୫. ୨୧୫୪୫୭୦୦୦୦୫୪୨	ପ୍ରତିଭା ପ୍ରଧାନ, ସ୍ୱାମୀ: ରବିନ୍ଦ୍ର ପ୍ରଧାନ, ସା: ବାମନାଳ, ପୁରୀ	୨୨,୮୭୦/-	୧୩.୪୦୦	୨୩,୫୦୦/-
ଅବଶିଷ୍ଟାଂଶ ପରବର୍ତ୍ତୀ ପୃଷ୍ଠାରେ......
